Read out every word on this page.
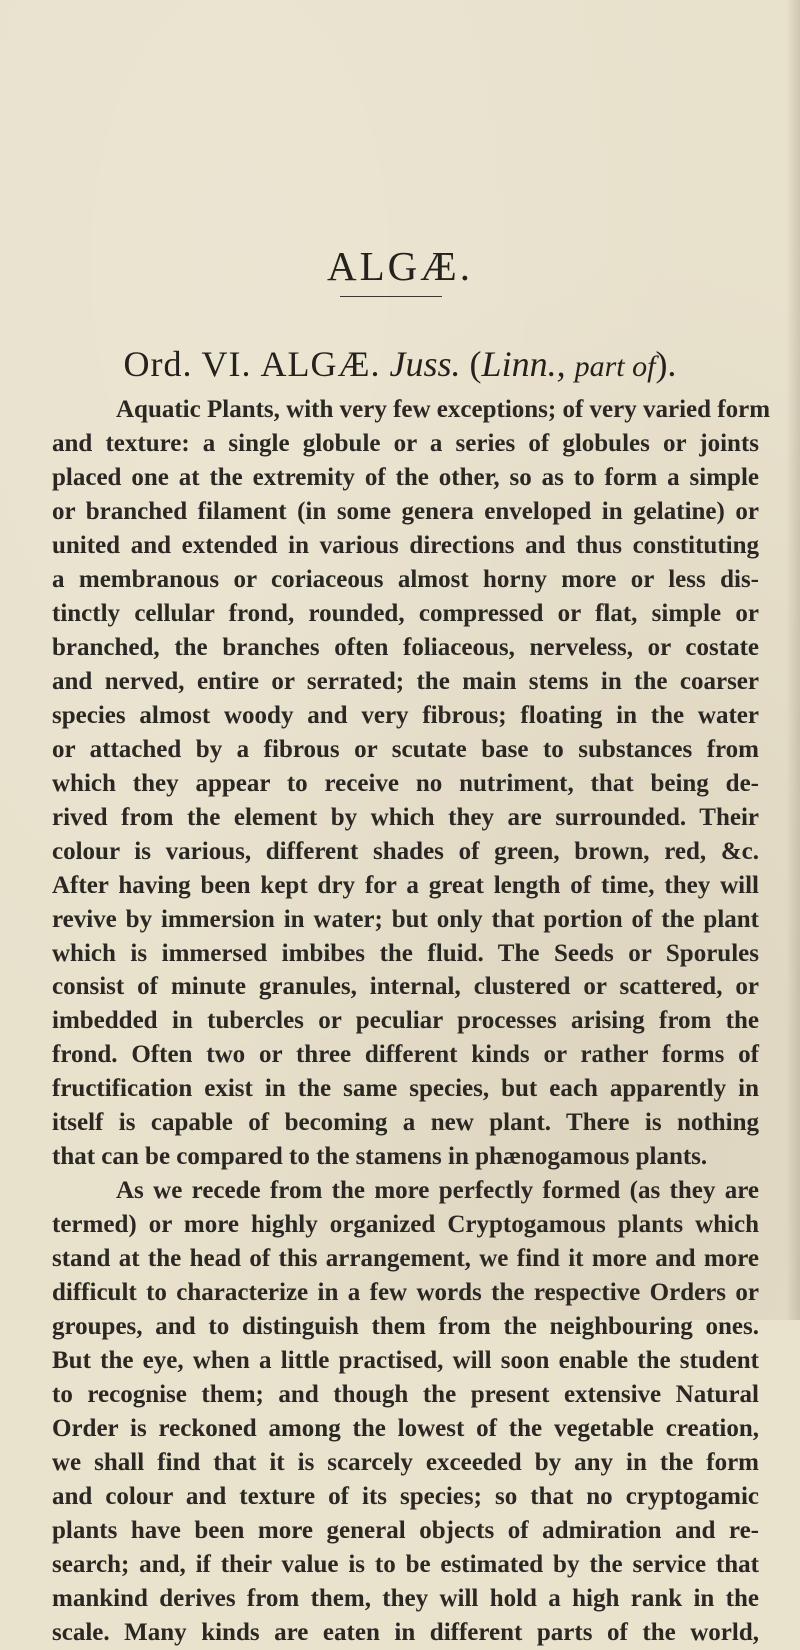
ALGÆ.
Ord. VI. ALGÆ. Juss. (Linn., part of).
Aquatic Plants, with very few exceptions; of very varied form
and texture: a single globule or a series of globules or joints
placed one at the extremity of the other, so as to form a simple
or branched filament (in some genera enveloped in gelatine) or
united and extended in various directions and thus constituting
a membranous or coriaceous almost horny more or less dis-
tinctly cellular frond, rounded, compressed or flat, simple or
branched, the branches often foliaceous, nerveless, or costate
and nerved, entire or serrated; the main stems in the coarser
species almost woody and very fibrous; floating in the water
or attached by a fibrous or scutate base to substances from
which they appear to receive no nutriment, that being de-
rived from the element by which they are surrounded. Their
colour is various, different shades of green, brown, red, &c.
After having been kept dry for a great length of time, they will
revive by immersion in water; but only that portion of the plant
which is immersed imbibes the fluid. The Seeds or Sporules
consist of minute granules, internal, clustered or scattered, or
imbedded in tubercles or peculiar processes arising from the
frond. Often two or three different kinds or rather forms of
fructification exist in the same species, but each apparently in
itself is capable of becoming a new plant. There is nothing
that can be compared to the stamens in phænogamous plants.
As we recede from the more perfectly formed (as they are
termed) or more highly organized Cryptogamous plants which
stand at the head of this arrangement, we find it more and more
difficult to characterize in a few words the respective Orders or
groupes, and to distinguish them from the neighbouring ones.
But the eye, when a little practised, will soon enable the student
to recognise them; and though the present extensive Natural
Order is reckoned among the lowest of the vegetable creation,
we shall find that it is scarcely exceeded by any in the form
and colour and texture of its species; so that no cryptogamic
plants have been more general objects of admiration and re-
search; and, if their value is to be estimated by the service that
mankind derives from them, they will hold a high rank in the
scale. Many kinds are eaten in different parts of the world,
